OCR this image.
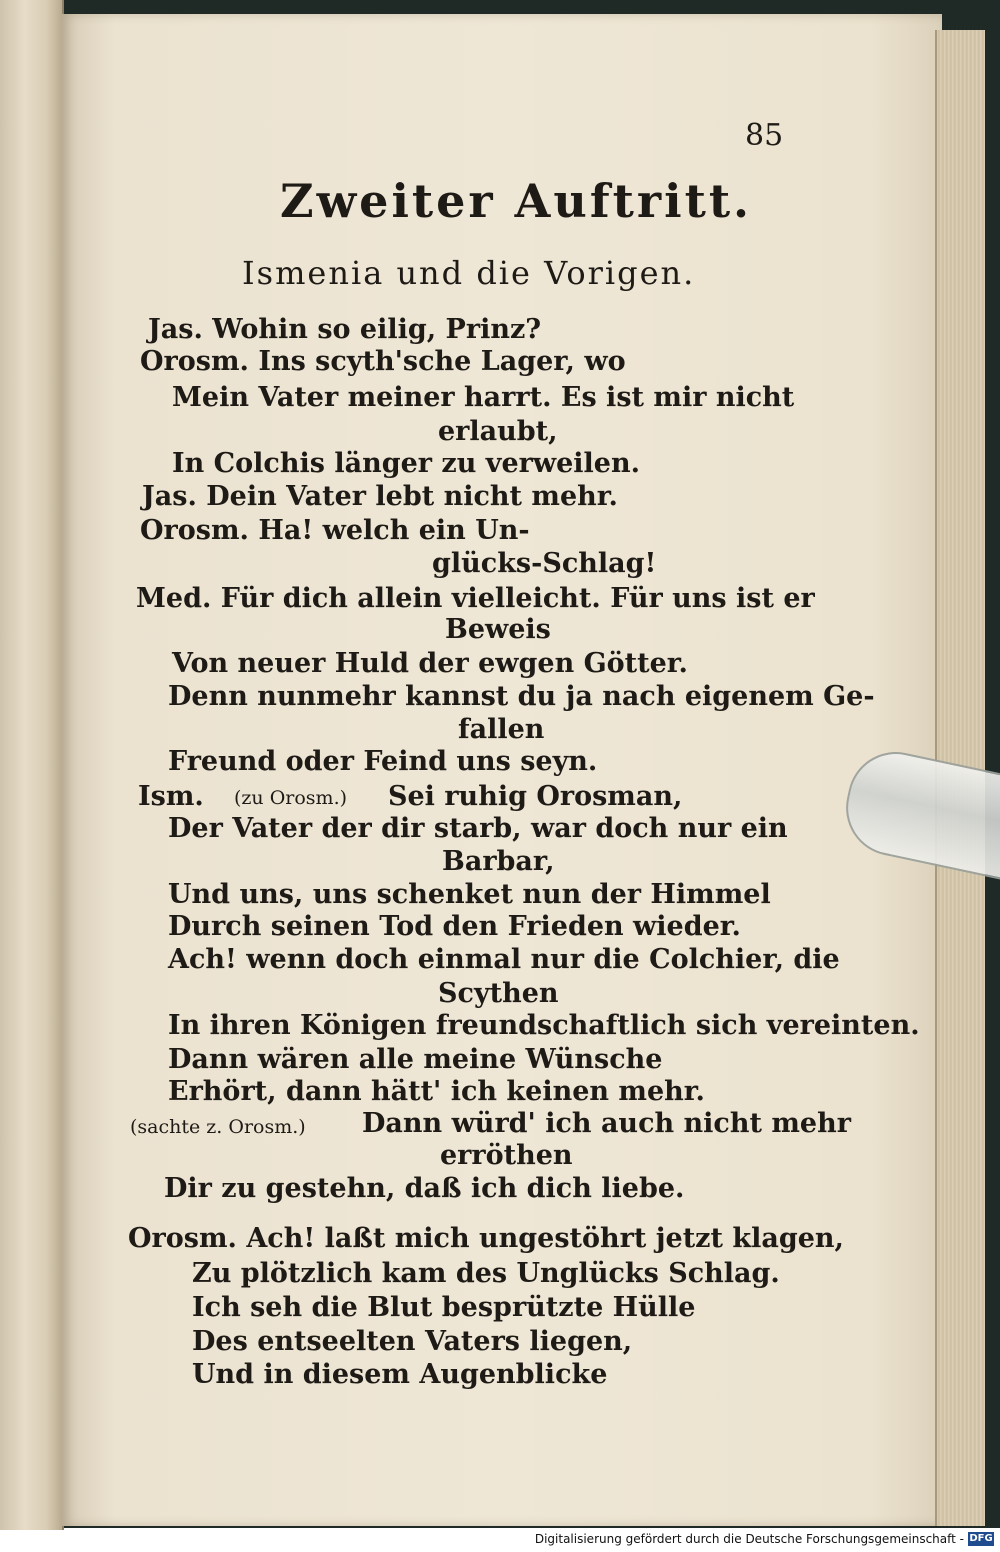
85
Zweiter Auftritt.
Ismenia und die Vorigen.
Jas. Wohin so eilig, Prinz?
Orosm. Ins scyth'sche Lager, wo
Mein Vater meiner harrt. Es ist mir nicht
erlaubt,
In Colchis länger zu verweilen.
Jas. Dein Vater lebt nicht mehr.
Orosm. Ha! welch ein Un-
glücks-Schlag!
Med. Für dich allein vielleicht. Für uns ist er
Beweis
Von neuer Huld der ewgen Götter.
Denn nunmehr kannst du ja nach eigenem Ge-
fallen
Freund oder Feind uns seyn.
Ism. (zu Orosm.) Sei ruhig Orosman,
Der Vater der dir starb, war doch nur ein
Barbar,
Und uns, uns schenket nun der Himmel
Durch seinen Tod den Frieden wieder.
Ach! wenn doch einmal nur die Colchier, die
Scythen
In ihren Königen freundschaftlich sich vereinten.
Dann wären alle meine Wünsche
Erhört, dann hätt' ich keinen mehr.
(sachte z. Orosm.) Dann würd' ich auch nicht mehr
erröthen
Dir zu gestehn, daß ich dich liebe.
Orosm. Ach! laßt mich ungestöhrt jetzt klagen,
Zu plötzlich kam des Unglücks Schlag.
Ich seh die Blut besprützte Hülle
Des entseelten Vaters liegen,
Und in diesem Augenblicke
Digitalisierung gefördert durch die Deutsche Forschungsgemeinschaft - DFG
